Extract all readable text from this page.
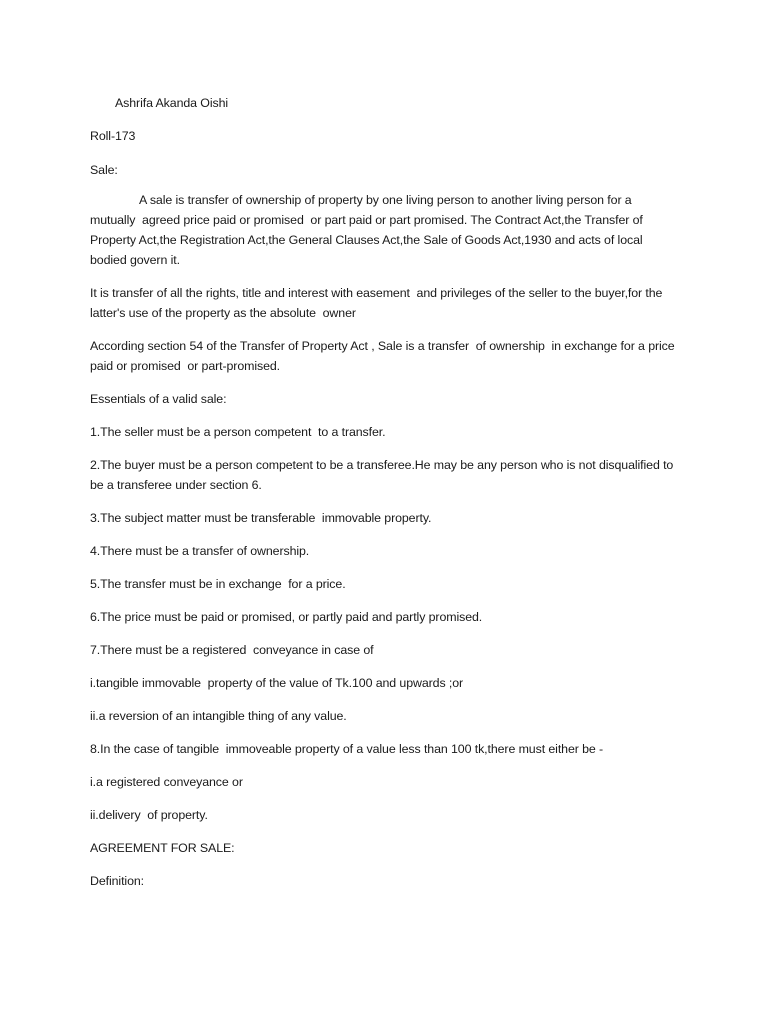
Ashrifa Akanda Oishi

Roll-173

Sale:

A sale is transfer of ownership of property by one living person to another living person for a mutually  agreed price paid or promised  or part paid or part promised. The Contract Act,the Transfer of Property Act,the Registration Act,the General Clauses Act,the Sale of Goods Act,1930 and acts of local bodied govern it.

It is transfer of all the rights, title and interest with easement  and privileges of the seller to the buyer,for the latter's use of the property as the absolute  owner

According section 54 of the Transfer of Property Act , Sale is a transfer  of ownership  in exchange for a price paid or promised  or part-promised.

Essentials of a valid sale:

1.The seller must be a person competent  to a transfer.

2.The buyer must be a person competent to be a transferee.He may be any person who is not disqualified to be a transferee under section 6.

3.The subject matter must be transferable  immovable property.

4.There must be a transfer of ownership.

5.The transfer must be in exchange  for a price.

6.The price must be paid or promised, or partly paid and partly promised.

7.There must be a registered  conveyance in case of

i.tangible immovable  property of the value of Tk.100 and upwards ;or

ii.a reversion of an intangible thing of any value.

8.In the case of tangible  immoveable property of a value less than 100 tk,there must either be -

i.a registered conveyance or

ii.delivery  of property.

AGREEMENT FOR SALE:

Definition:
